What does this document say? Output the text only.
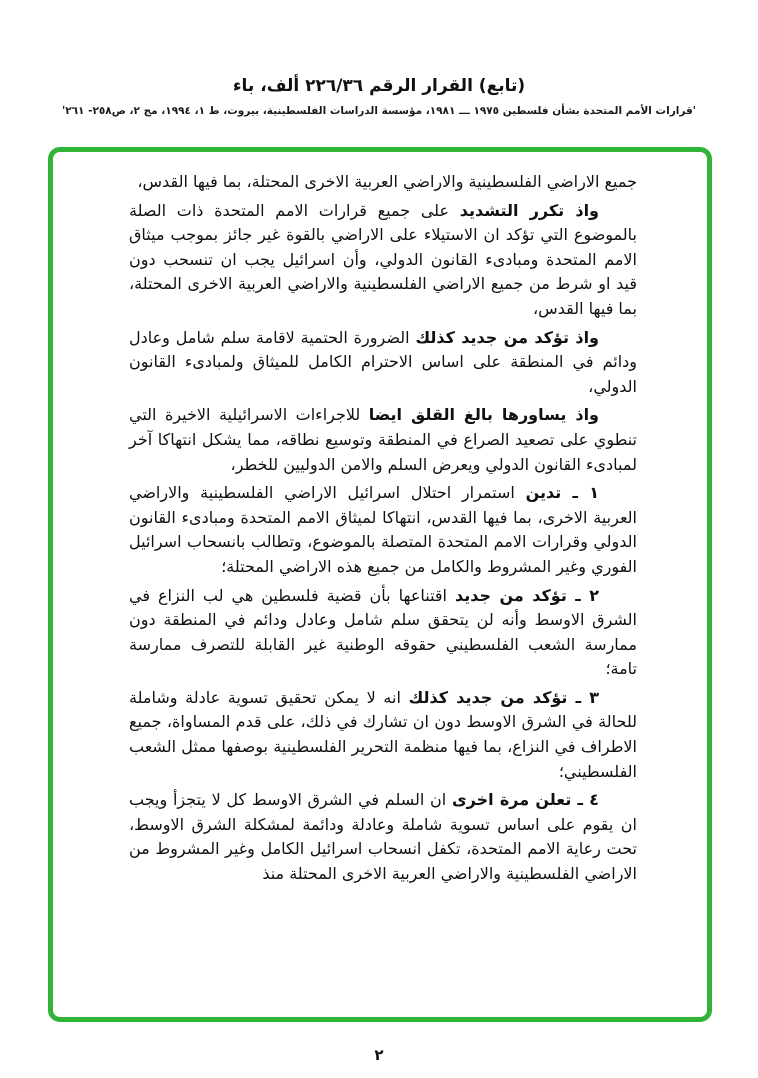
(تابع) القرار الرقم ٢٢٦/٣٦ ألف، باء
'قرارات الأمم المتحدة بشأن فلسطين ١٩٧٥ ـــ ١٩٨١، مؤسسة الدراسات الفلسطينية، بيروت، ط ١، ١٩٩٤، مج ٢، ص٢٥٨- ٢٦١'

جميع الاراضي الفلسطينية والاراضي العربية الاخرى المحتلة، بما فيها القدس،

واذ تكرر التشديد على جميع قرارات الامم المتحدة ذات الصلة بالموضوع التي تؤكد ان الاستيلاء على الاراضي بالقوة غير جائز بموجب ميثاق الامم المتحدة ومبادىء القانون الدولي، وأن اسرائيل يجب ان تنسحب دون قيد او شرط من جميع الاراضي الفلسطينية والاراضي العربية الاخرى المحتلة، بما فيها القدس،

واذ تؤكد من جديد كذلك الضرورة الحتمية لاقامة سلم شامل وعادل ودائم في المنطقة على اساس الاحترام الكامل للميثاق ولمبادىء القانون الدولي،

واذ يساورها بالغ القلق ايضا للاجراءات الاسرائيلية الاخيرة التي تنطوي على تصعيد الصراع في المنطقة وتوسيع نطاقه، مما يشكل انتهاكا آخر لمبادىء القانون الدولي ويعرض السلم والامن الدوليين للخطر،

١ ـ تدين استمرار احتلال اسرائيل الاراضي الفلسطينية والاراضي العربية الاخرى، بما فيها القدس، انتهاكا لميثاق الامم المتحدة ومبادىء القانون الدولي وقرارات الامم المتحدة المتصلة بالموضوع، وتطالب بانسحاب اسرائيل الفوري وغير المشروط والكامل من جميع هذه الاراضي المحتلة؛

٢ ـ تؤكد من جديد اقتناعها بأن قضية فلسطين هي لب النزاع في الشرق الاوسط وأنه لن يتحقق سلم شامل وعادل ودائم في المنطقة دون ممارسة الشعب الفلسطيني حقوقه الوطنية غير القابلة للتصرف ممارسة تامة؛

٣ ـ تؤكد من جديد كذلك انه لا يمكن تحقيق تسوية عادلة وشاملة للحالة في الشرق الاوسط دون ان تشارك في ذلك، على قدم المساواة، جميع الاطراف في النزاع، بما فيها منظمة التحرير الفلسطينية بوصفها ممثل الشعب الفلسطيني؛

٤ ـ تعلن مرة اخرى ان السلم في الشرق الاوسط كل لا يتجزأ ويجب ان يقوم على اساس تسوية شاملة وعادلة ودائمة لمشكلة الشرق الاوسط، تحت رعاية الامم المتحدة، تكفل انسحاب اسرائيل الكامل وغير المشروط من الاراضي الفلسطينية والاراضي العربية الاخرى المحتلة منذ

٢
